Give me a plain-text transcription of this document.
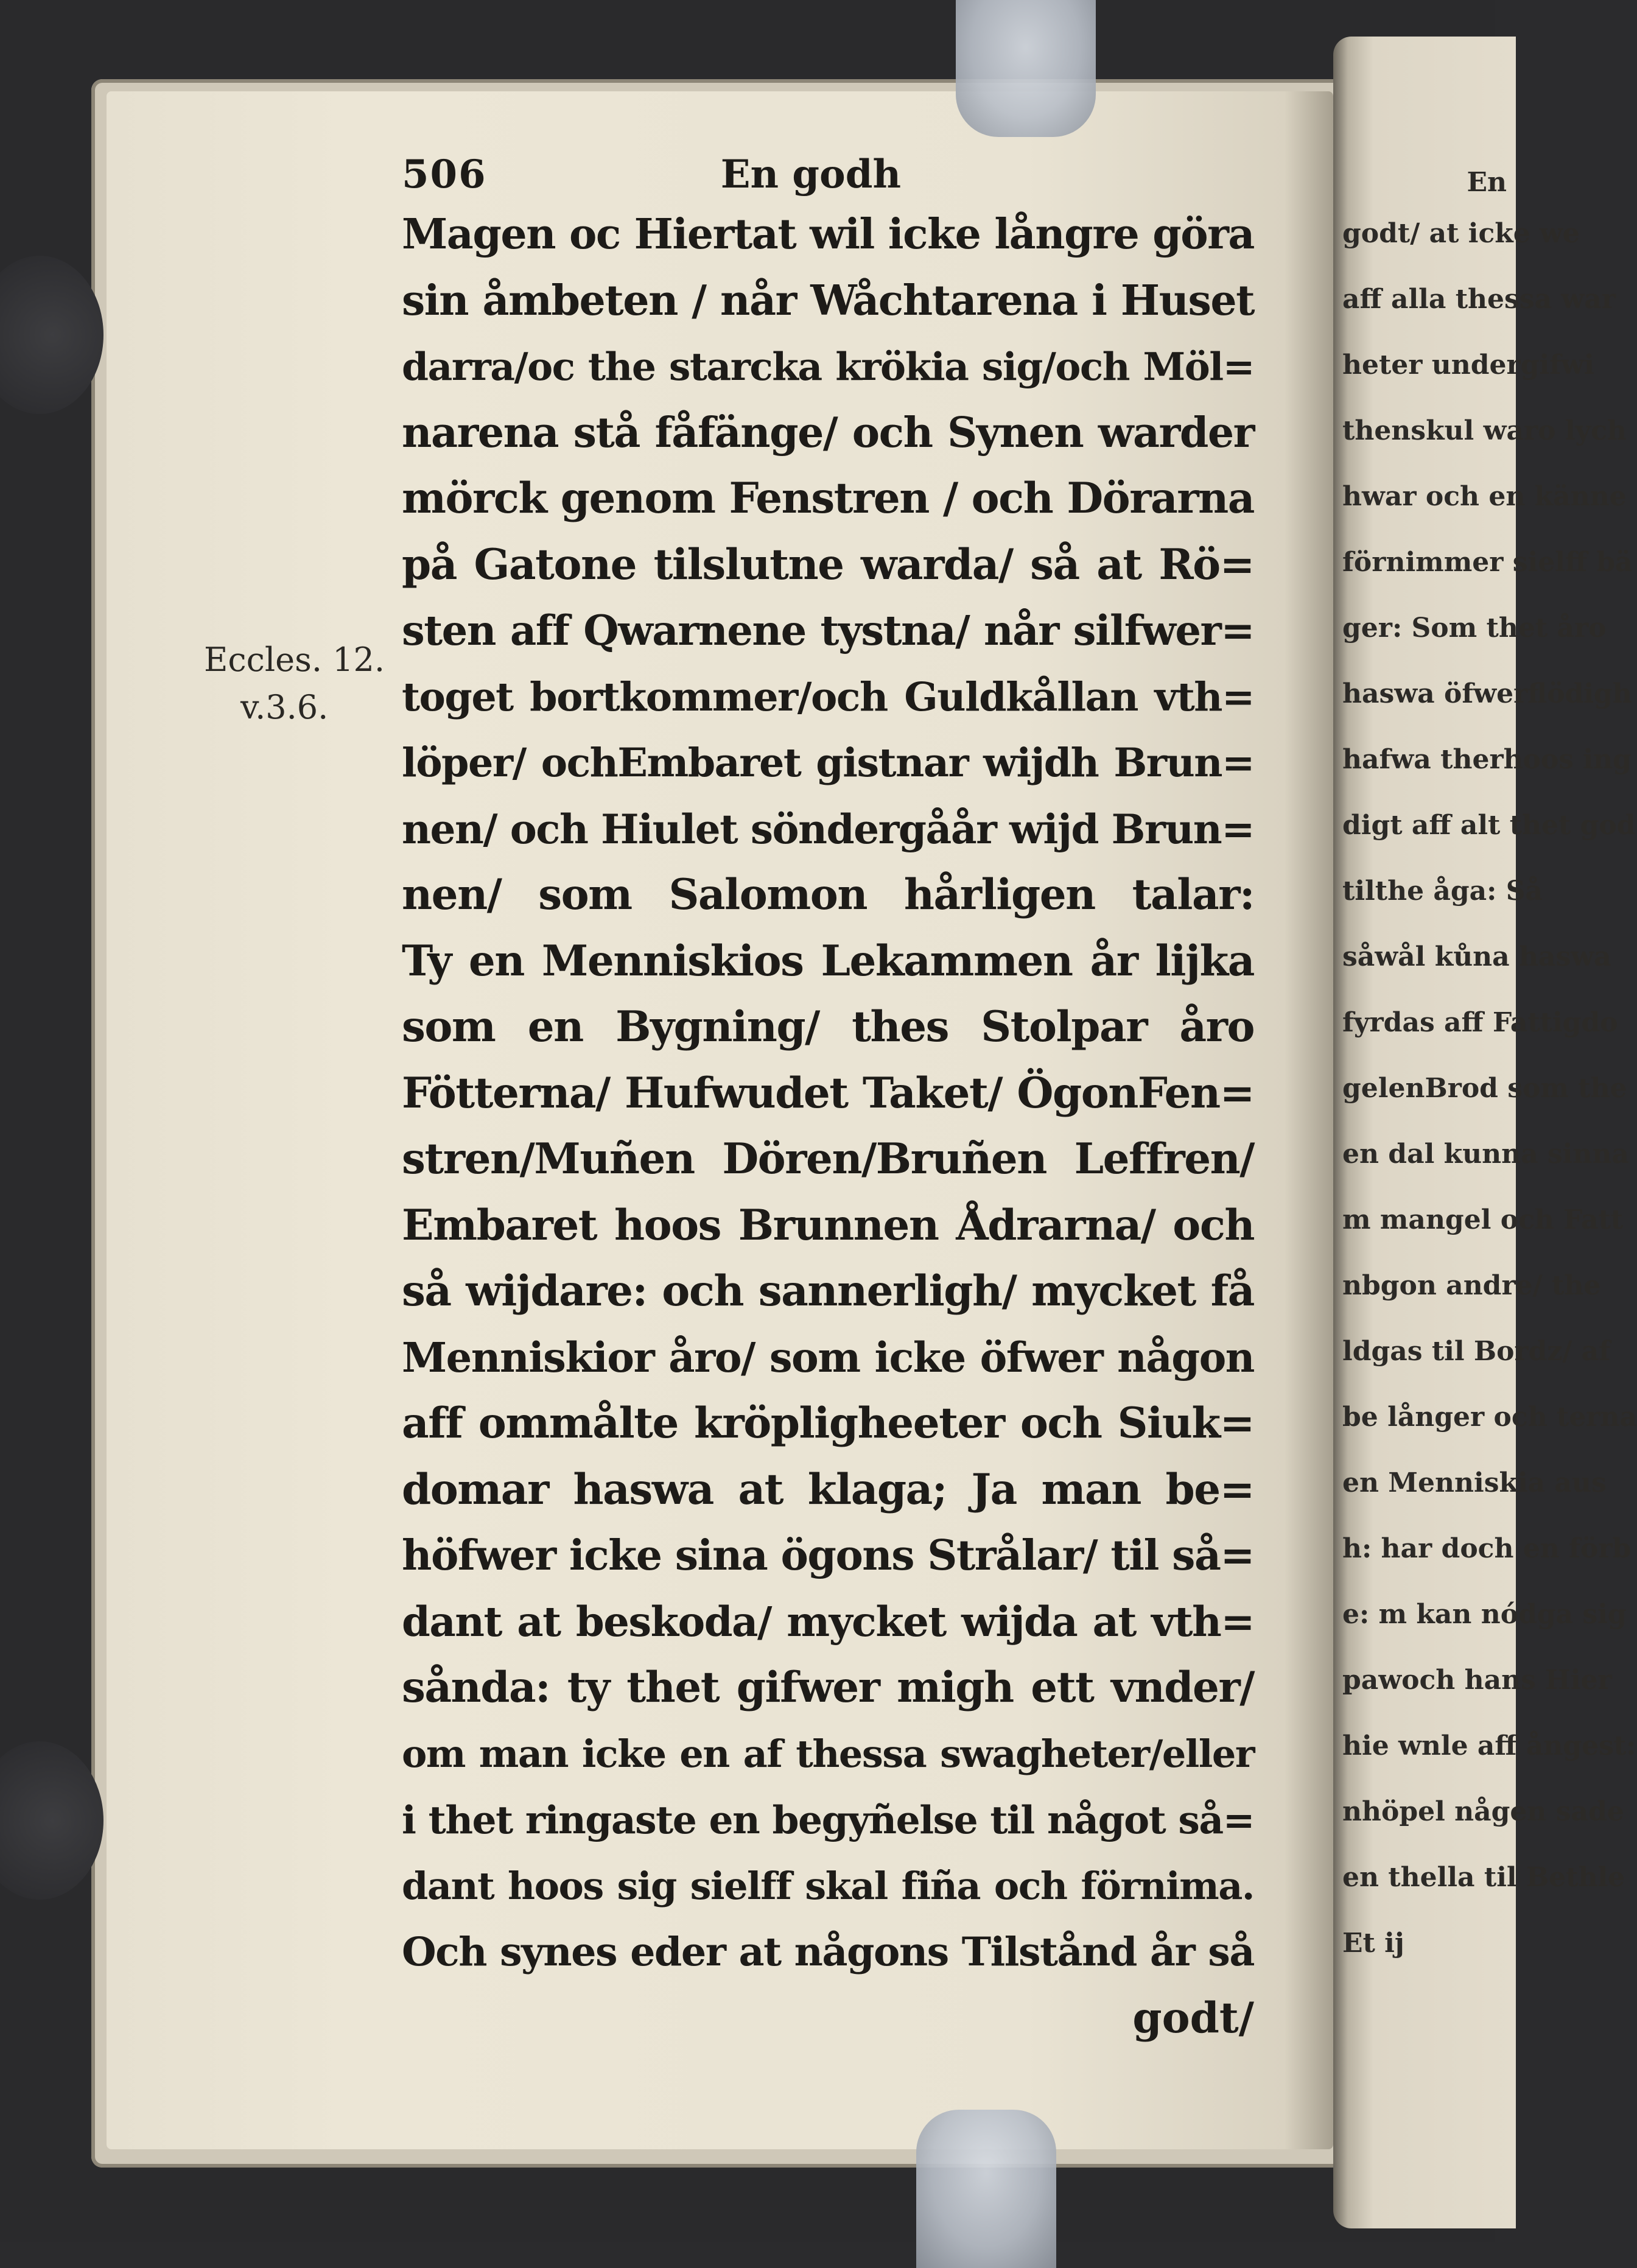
Eccles. 12.
v.3.6.
506	En godh
Magen oc Hiertat wil icke långre göra
sin åmbeten / når Wåchtarena i Huset
darra/oc the starcka krökia sig/och Möl=
narena stå fåfänge/ och Synen warder
mörck genom Fenstren / och Dörarna
på Gatone tilslutne warda/ så at Rö=
sten aff Qwarnene tystna/ når silfwer=
toget bortkommer/och Guldkållan vth=
löper/ ochEmbaret gistnar wijdh Brun=
nen/ och Hiulet söndergåår wijd Brun=
nen/ som Salomon hårligen talar:
Ty en Menniskios Lekammen år lijka
som en Bygning/ thes Stolpar åro
Fötterna/ Hufwudet Taket/ ÖgonFen=
stren/Muñen Dören/Bruñen Leffren/
Embaret hoos Brunnen Ådrarna/ och
så wijdare: och sannerligh/ mycket få
Menniskior åro/ som icke öfwer någon
aff ommålte kröpligheeter och Siuk=
domar haswa at klaga; Ja man be=
höfwer icke sina ögons Strålar/ til så=
dant at beskoda/ mycket wijda at vth=
sånda: ty thet gifwer migh ett vnder/
om man icke en af thessa swagheter/eller
i thet ringaste en begyñelse til något så=
dant hoos sig sielff skal fiña och förnima.
Och synes eder at någons Tilstånd år så
godt/
En
godt/ at icke we
aff alla thessa war
heter undergifwi
thenskul waro lych
hwar och en känne
förnimmer sielff bä
ger: Som thet åro
haswa öfwerflödigh
hafwa therhoos ing
digt aff alt thet god
tilthe åga: Så
såwål kůna haswa
fyrdas aff Fattigdo
gelenBrod som the
en dal kunna sinna
m mangel och Fatt
nbgon andre/ the
ldgas til Bordz/ af
be långer och terna
en Menniskia aus
h: har doch en förb
e: m kan nódga sig
pawoch hans Hier
hie wnle aff ångest:
nhöpel någen sade
en thella til Bethle
Et ij
